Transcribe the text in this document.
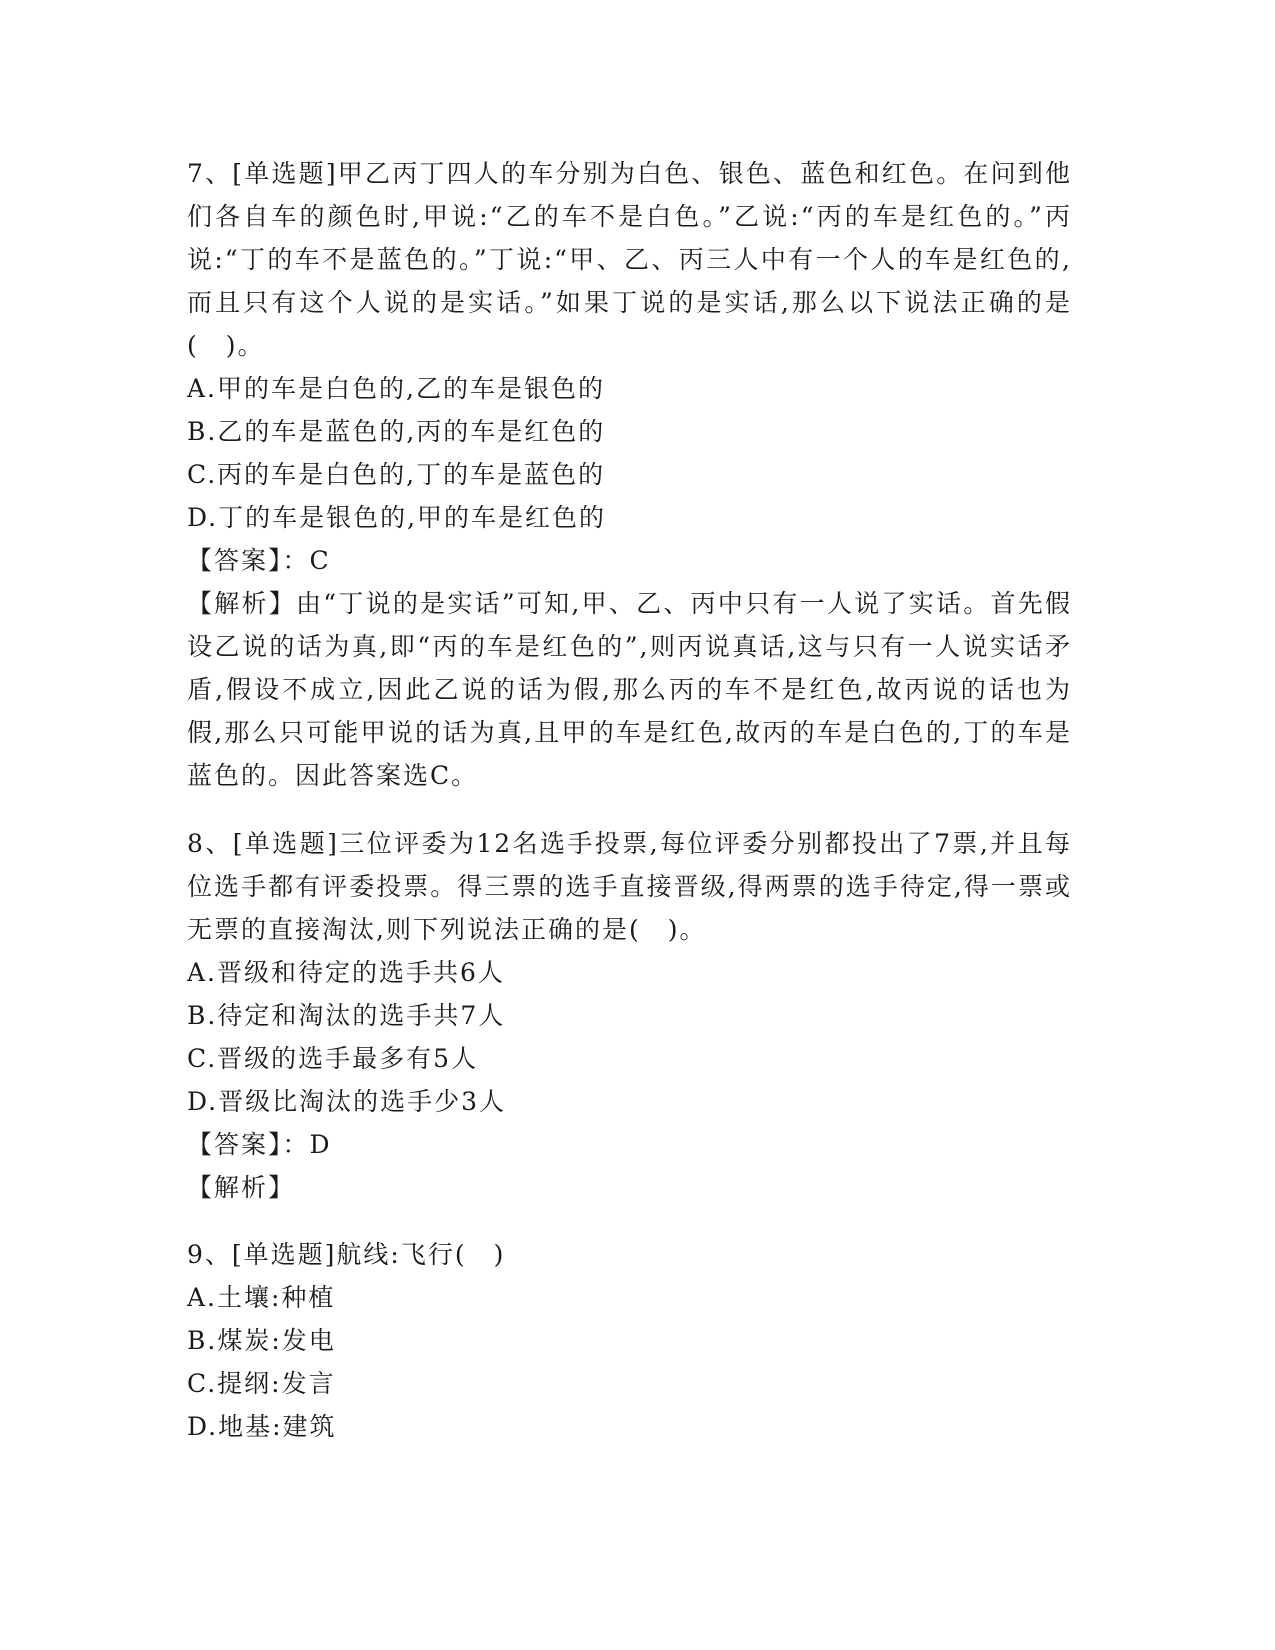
7、[单选题]甲乙丙丁四人的车分别为白色、银色、蓝色和红色。在问到他们各自车的颜色时,甲说:“乙的车不是白色。”乙说:“丙的车是红色的。”丙说:“丁的车不是蓝色的。”丁说:“甲、乙、丙三人中有一个人的车是红色的,而且只有这个人说的是实话。”如果丁说的是实话,那么以下说法正确的是(　)。

A.甲的车是白色的,乙的车是银色的

B.乙的车是蓝色的,丙的车是红色的

C.丙的车是白色的,丁的车是蓝色的

D.丁的车是银色的,甲的车是红色的

【答案】：C

【解析】由“丁说的是实话”可知,甲、乙、丙中只有一人说了实话。首先假设乙说的话为真,即“丙的车是红色的”,则丙说真话,这与只有一人说实话矛盾,假设不成立,因此乙说的话为假,那么丙的车不是红色,故丙说的话也为假,那么只可能甲说的话为真,且甲的车是红色,故丙的车是白色的,丁的车是蓝色的。因此答案选C。

8、[单选题]三位评委为12名选手投票,每位评委分别都投出了7票,并且每位选手都有评委投票。得三票的选手直接晋级,得两票的选手待定,得一票或无票的直接淘汰,则下列说法正确的是(　)。

A.晋级和待定的选手共6人

B.待定和淘汰的选手共7人

C.晋级的选手最多有5人

D.晋级比淘汰的选手少3人

【答案】：D

【解析】

9、[单选题]航线:飞行(　)

A.土壤:种植

B.煤炭:发电

C.提纲:发言

D.地基:建筑
